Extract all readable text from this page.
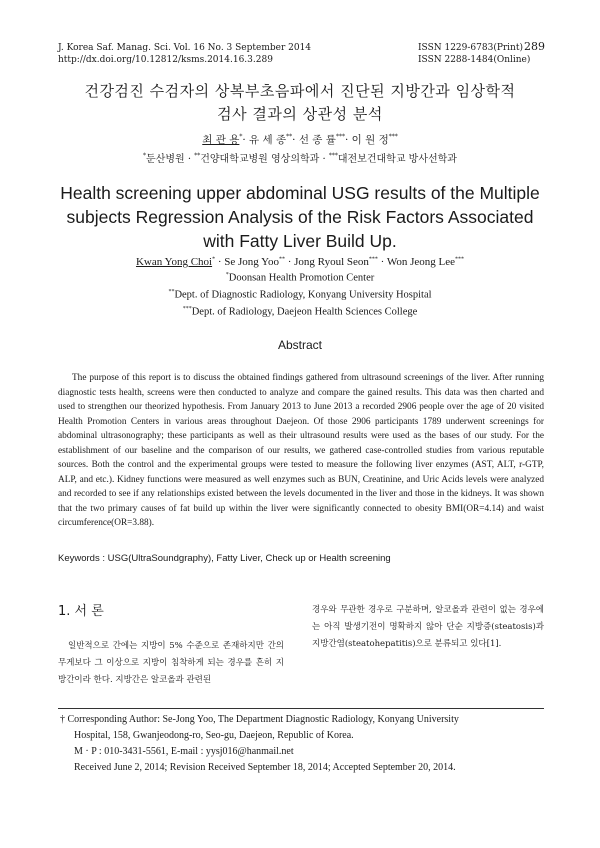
J. Korea Saf. Manag. Sci. Vol. 16 No. 3 September 2014
http://dx.doi.org/10.12812/ksms.2014.16.3.289
ISSN 1229-6783(Print)
ISSN 2288-1484(Online)
289
건강검진 수검자의 상복부초음파에서 진단된 지방간과 임상학적
검사 결과의 상관성 분석
최 관 용*· 유 세 종**· 선 종 률***· 이 원 정***
*둔산병원 · **건양대학교병원 영상의학과 · ***대전보건대학교 방사선학과
Health screening upper abdominal USG results of the Multiple
subjects Regression Analysis of the Risk Factors Associated
with Fatty Liver Build Up.
Kwan Yong Choi* · Se Jong Yoo** · Jong Ryoul Seon*** · Won Jeong Lee***
*Doonsan Health Promotion Center
**Dept. of Diagnostic Radiology, Konyang University Hospital
***Dept. of Radiology, Daejeon Health Sciences College
Abstract
The purpose of this report is to discuss the obtained findings gathered from ultrasound screenings of the liver. After running diagnostic tests health, screens were then conducted to analyze and compare the gained results. This data was then charted and used to strengthen our theorized hypothesis. From January 2013 to June 2013 a recorded 2906 people over the age of 20 visited Health Promotion Centers in various areas throughout Daejeon. Of those 2906 participants 1789 underwent screenings for abdominal ultrasonography; these participants as well as their ultrasound results were used as the bases of our study. For the establishment of our baseline and the comparison of our results, we gathered case-controlled studies from various reputable sources. Both the control and the experimental groups were tested to measure the following liver enzymes (AST, ALT, r-GTP, ALP, and etc.). Kidney functions were measured as well enzymes such as BUN, Creatinine, and Uric Acids levels were analyzed and recorded to see if any relationships existed between the levels documented in the liver and those in the kidneys. It was shown that the two primary causes of fat build up within the liver were significantly connected to obesity BMI(OR=4.14) and waist circumference(OR=3.88).
Keywords : USG(UltraSoundgraphy), Fatty Liver, Check up or Health screening
1. 서 론
일반적으로 간에는 지방이 5% 수준으로 존재하지만 간의 무게보다 그 이상으로 지방이 침착하게 되는 경우를 흔히 지방간이라 한다. 지방간은 알코올과 관련된
경우와 무관한 경우로 구분하며, 알코올과 관련이 없는 경우에는 아직 발생기전이 명확하지 않아 단순 지방증(steatosis)과 지방간염(steatohepatitis)으로 분류되고 있다[1].
† Corresponding Author: Se-Jong Yoo, The Department Diagnostic Radiology, Konyang University
Hospital, 158, Gwanjeodong-ro, Seo-gu, Daejeon, Republic of Korea.
M · P : 010-3431-5561, E-mail : yysj016@hanmail.net
Received June 2, 2014; Revision Received September 18, 2014; Accepted September 20, 2014.
